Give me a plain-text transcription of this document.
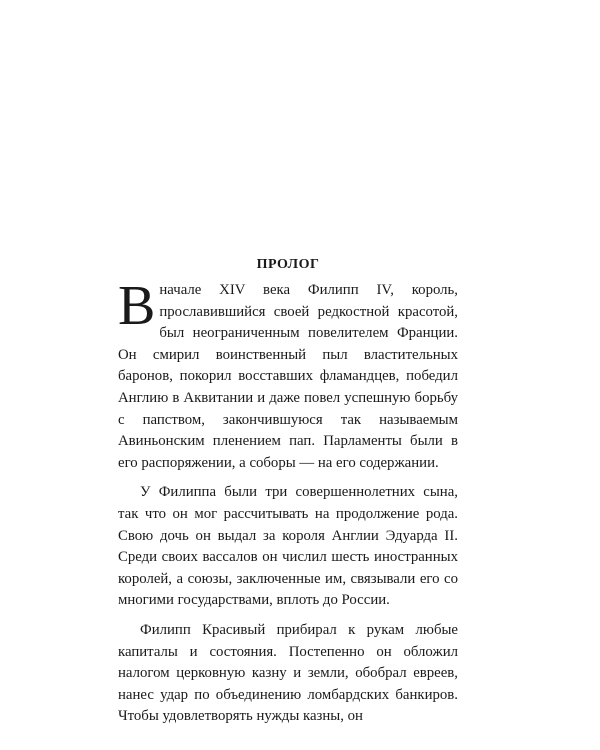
ПРОЛОГ

Вначале XIV века Филипп IV, король, прославившийся своей редкостной красотой, был неограниченным повелителем Франции. Он смирил воинственный пыл властительных баронов, покорил восставших фламандцев, победил Англию в Аквитании и даже повел успешную борьбу с папством, закончившуюся так называемым Авиньонским пленением пап. Парламенты были в его распоряжении, а соборы — на его содержании.

У Филиппа были три совершеннолетних сына, так что он мог рассчитывать на продолжение рода. Свою дочь он выдал за короля Англии Эдуарда II. Среди своих вассалов он числил шесть иностранных королей, а союзы, заключенные им, связывали его со многими государствами, вплоть до России.

Филипп Красивый прибирал к рукам любые капиталы и состояния. Постепенно он обложил налогом церковную казну и земли, обобрал евреев, нанес удар по объединению ломбардских банкиров. Чтобы удовлетворять нужды казны, он
